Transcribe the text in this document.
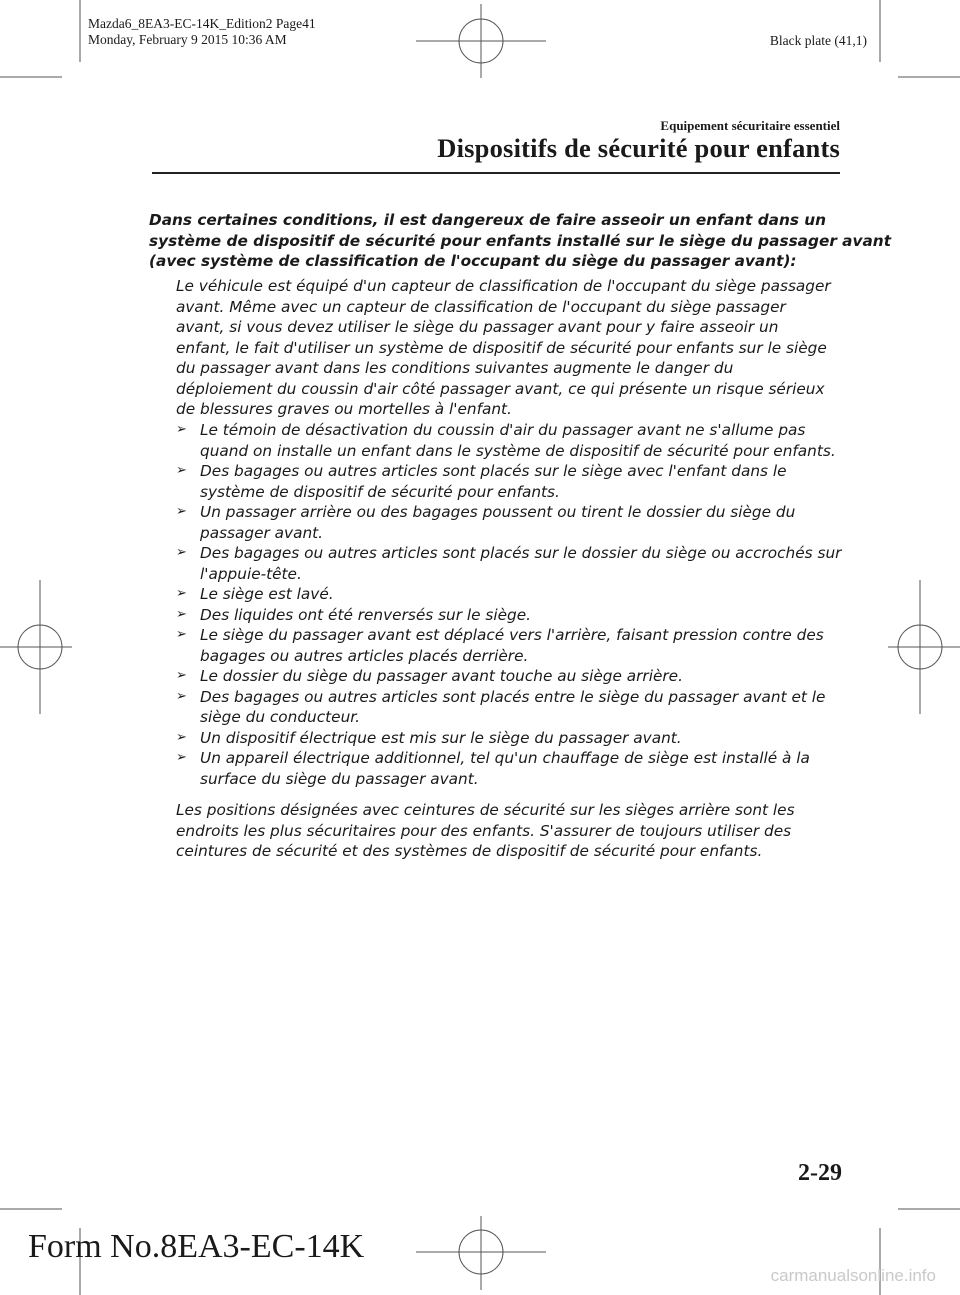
Mazda6_8EA3-EC-14K_Edition2 Page41
Monday, February 9 2015 10:36 AM	Black plate (41,1)
Equipement sécuritaire essentiel
Dispositifs de sécurité pour enfants
Dans certaines conditions, il est dangereux de faire asseoir un enfant dans un
système de dispositif de sécurité pour enfants installé sur le siège du passager avant
(avec système de classification de l'occupant du siège du passager avant):
Le véhicule est équipé d'un capteur de classification de l'occupant du siège passager
avant. Même avec un capteur de classification de l'occupant du siège passager
avant, si vous devez utiliser le siège du passager avant pour y faire asseoir un
enfant, le fait d'utiliser un système de dispositif de sécurité pour enfants sur le siège
du passager avant dans les conditions suivantes augmente le danger du
déploiement du coussin d'air côté passager avant, ce qui présente un risque sérieux
de blessures graves ou mortelles à l'enfant.
➢ Le témoin de désactivation du coussin d'air du passager avant ne s'allume pas
quand on installe un enfant dans le système de dispositif de sécurité pour enfants.
➢ Des bagages ou autres articles sont placés sur le siège avec l'enfant dans le
système de dispositif de sécurité pour enfants.
➢ Un passager arrière ou des bagages poussent ou tirent le dossier du siège du
passager avant.
➢ Des bagages ou autres articles sont placés sur le dossier du siège ou accrochés sur
l'appuie-tête.
➢ Le siège est lavé.
➢ Des liquides ont été renversés sur le siège.
➢ Le siège du passager avant est déplacé vers l'arrière, faisant pression contre des
bagages ou autres articles placés derrière.
➢ Le dossier du siège du passager avant touche au siège arrière.
➢ Des bagages ou autres articles sont placés entre le siège du passager avant et le
siège du conducteur.
➢ Un dispositif électrique est mis sur le siège du passager avant.
➢ Un appareil électrique additionnel, tel qu'un chauffage de siège est installé à la
surface du siège du passager avant.
Les positions désignées avec ceintures de sécurité sur les sièges arrière sont les
endroits les plus sécuritaires pour des enfants. S'assurer de toujours utiliser des
ceintures de sécurité et des systèmes de dispositif de sécurité pour enfants.
2-29
Form No.8EA3-EC-14K
carmanualsonline.info
